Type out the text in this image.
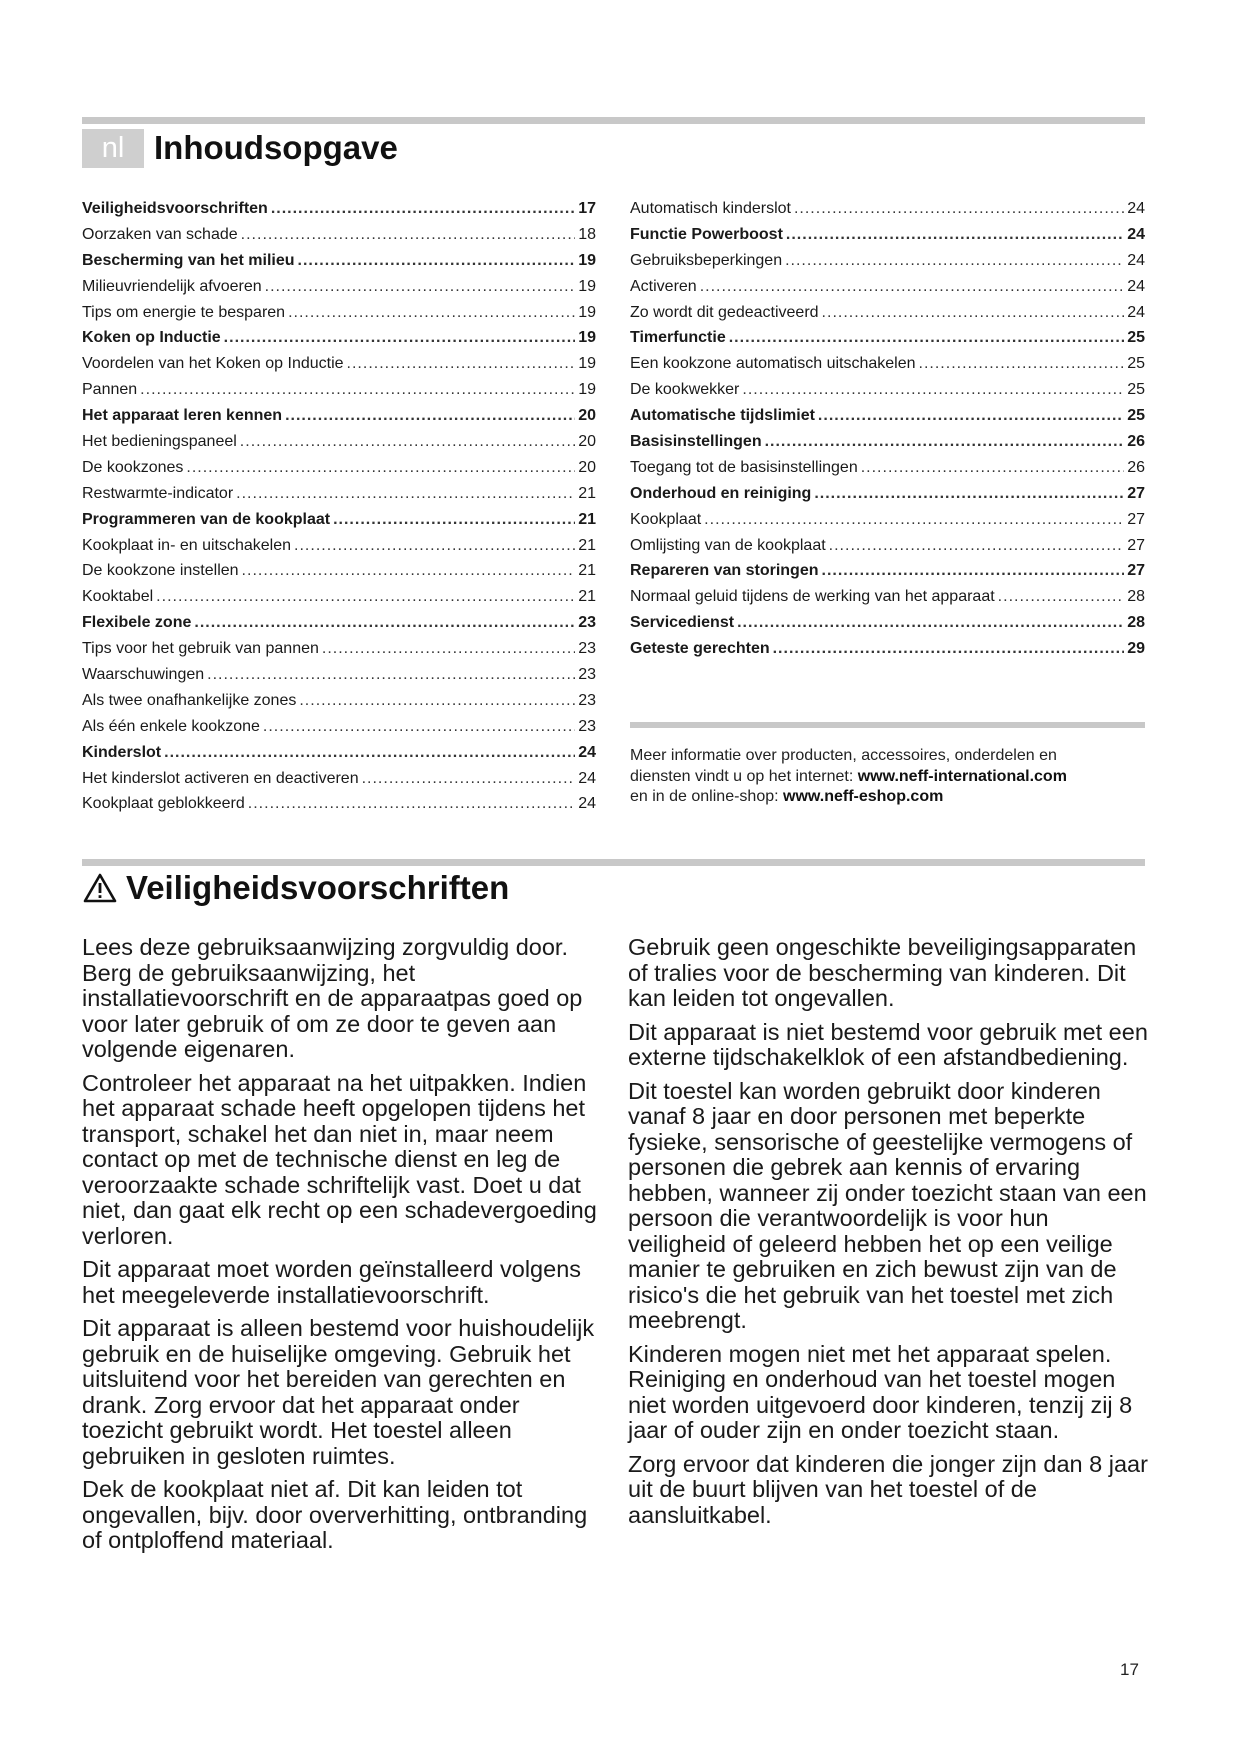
nl Inhoudsopgave
Veiligheidsvoorschriften .....	17
Oorzaken van schade .....	18
Bescherming van het milieu .....	19
Milieuvriendelijk afvoeren .....	19
Tips om energie te besparen .....	19
Koken op Inductie .....	19
Voordelen van het Koken op Inductie .....	19
Pannen .....	19
Het apparaat leren kennen .....	20
Het bedieningspaneel .....	20
De kookzones .....	20
Restwarmte-indicator .....	21
Programmeren van de kookplaat .....	21
Kookplaat in- en uitschakelen .....	21
De kookzone instellen .....	21
Kooktabel .....	21
Flexibele zone .....	23
Tips voor het gebruik van pannen .....	23
Waarschuwingen .....	23
Als twee onafhankelijke zones .....	23
Als één enkele kookzone .....	23
Kinderslot .....	24
Het kinderslot activeren en deactiveren .....	24
Kookplaat geblokkeerd .....	24
Automatisch kinderslot .....	24
Functie Powerboost .....	24
Gebruiksbeperkingen .....	24
Activeren .....	24
Zo wordt dit gedeactiveerd .....	24
Timerfunctie .....	25
Een kookzone automatisch uitschakelen .....	25
De kookwekker .....	25
Automatische tijdslimiet .....	25
Basisinstellingen .....	26
Toegang tot de basisinstellingen .....	26
Onderhoud en reiniging .....	27
Kookplaat .....	27
Omlijsting van de kookplaat .....	27
Repareren van storingen .....	27
Normaal geluid tijdens de werking van het apparaat .....	28
Servicedienst .....	28
Geteste gerechten .....	29
Meer informatie over producten, accessoires, onderdelen en
diensten vindt u op het internet: www.neff-international.com
en in de online-shop: www.neff-eshop.com
Veiligheidsvoorschriften

Lees deze gebruiksaanwijzing zorgvuldig door. Berg de gebruiksaanwijzing, het installatievoorschrift en de apparaatpas goed op voor later gebruik of om ze door te geven aan volgende eigenaren.

Controleer het apparaat na het uitpakken. Indien het apparaat schade heeft opgelopen tijdens het transport, schakel het dan niet in, maar neem contact op met de technische dienst en leg de veroorzaakte schade schriftelijk vast. Doet u dat niet, dan gaat elk recht op een schadevergoeding verloren.

Dit apparaat moet worden geïnstalleerd volgens het meegeleverde installatievoorschrift.

Dit apparaat is alleen bestemd voor huishoudelijk gebruik en de huiselijke omgeving. Gebruik het uitsluitend voor het bereiden van gerechten en drank. Zorg ervoor dat het apparaat onder toezicht gebruikt wordt. Het toestel alleen gebruiken in gesloten ruimtes.

Dek de kookplaat niet af. Dit kan leiden tot ongevallen, bijv. door oververhitting, ontbranding of ontploffend materiaal.

Gebruik geen ongeschikte beveiligingsapparaten of tralies voor de bescherming van kinderen. Dit kan leiden tot ongevallen.

Dit apparaat is niet bestemd voor gebruik met een externe tijdschakelklok of een afstandbediening.

Dit toestel kan worden gebruikt door kinderen vanaf 8 jaar en door personen met beperkte fysieke, sensorische of geestelijke vermogens of personen die gebrek aan kennis of ervaring hebben, wanneer zij onder toezicht staan van een persoon die verantwoordelijk is voor hun veiligheid of geleerd hebben het op een veilige manier te gebruiken en zich bewust zijn van de risico's die het gebruik van het toestel met zich meebrengt.

Kinderen mogen niet met het apparaat spelen. Reiniging en onderhoud van het toestel mogen niet worden uitgevoerd door kinderen, tenzij zij 8 jaar of ouder zijn en onder toezicht staan.

Zorg ervoor dat kinderen die jonger zijn dan 8 jaar uit de buurt blijven van het toestel of de aansluitkabel.

17
